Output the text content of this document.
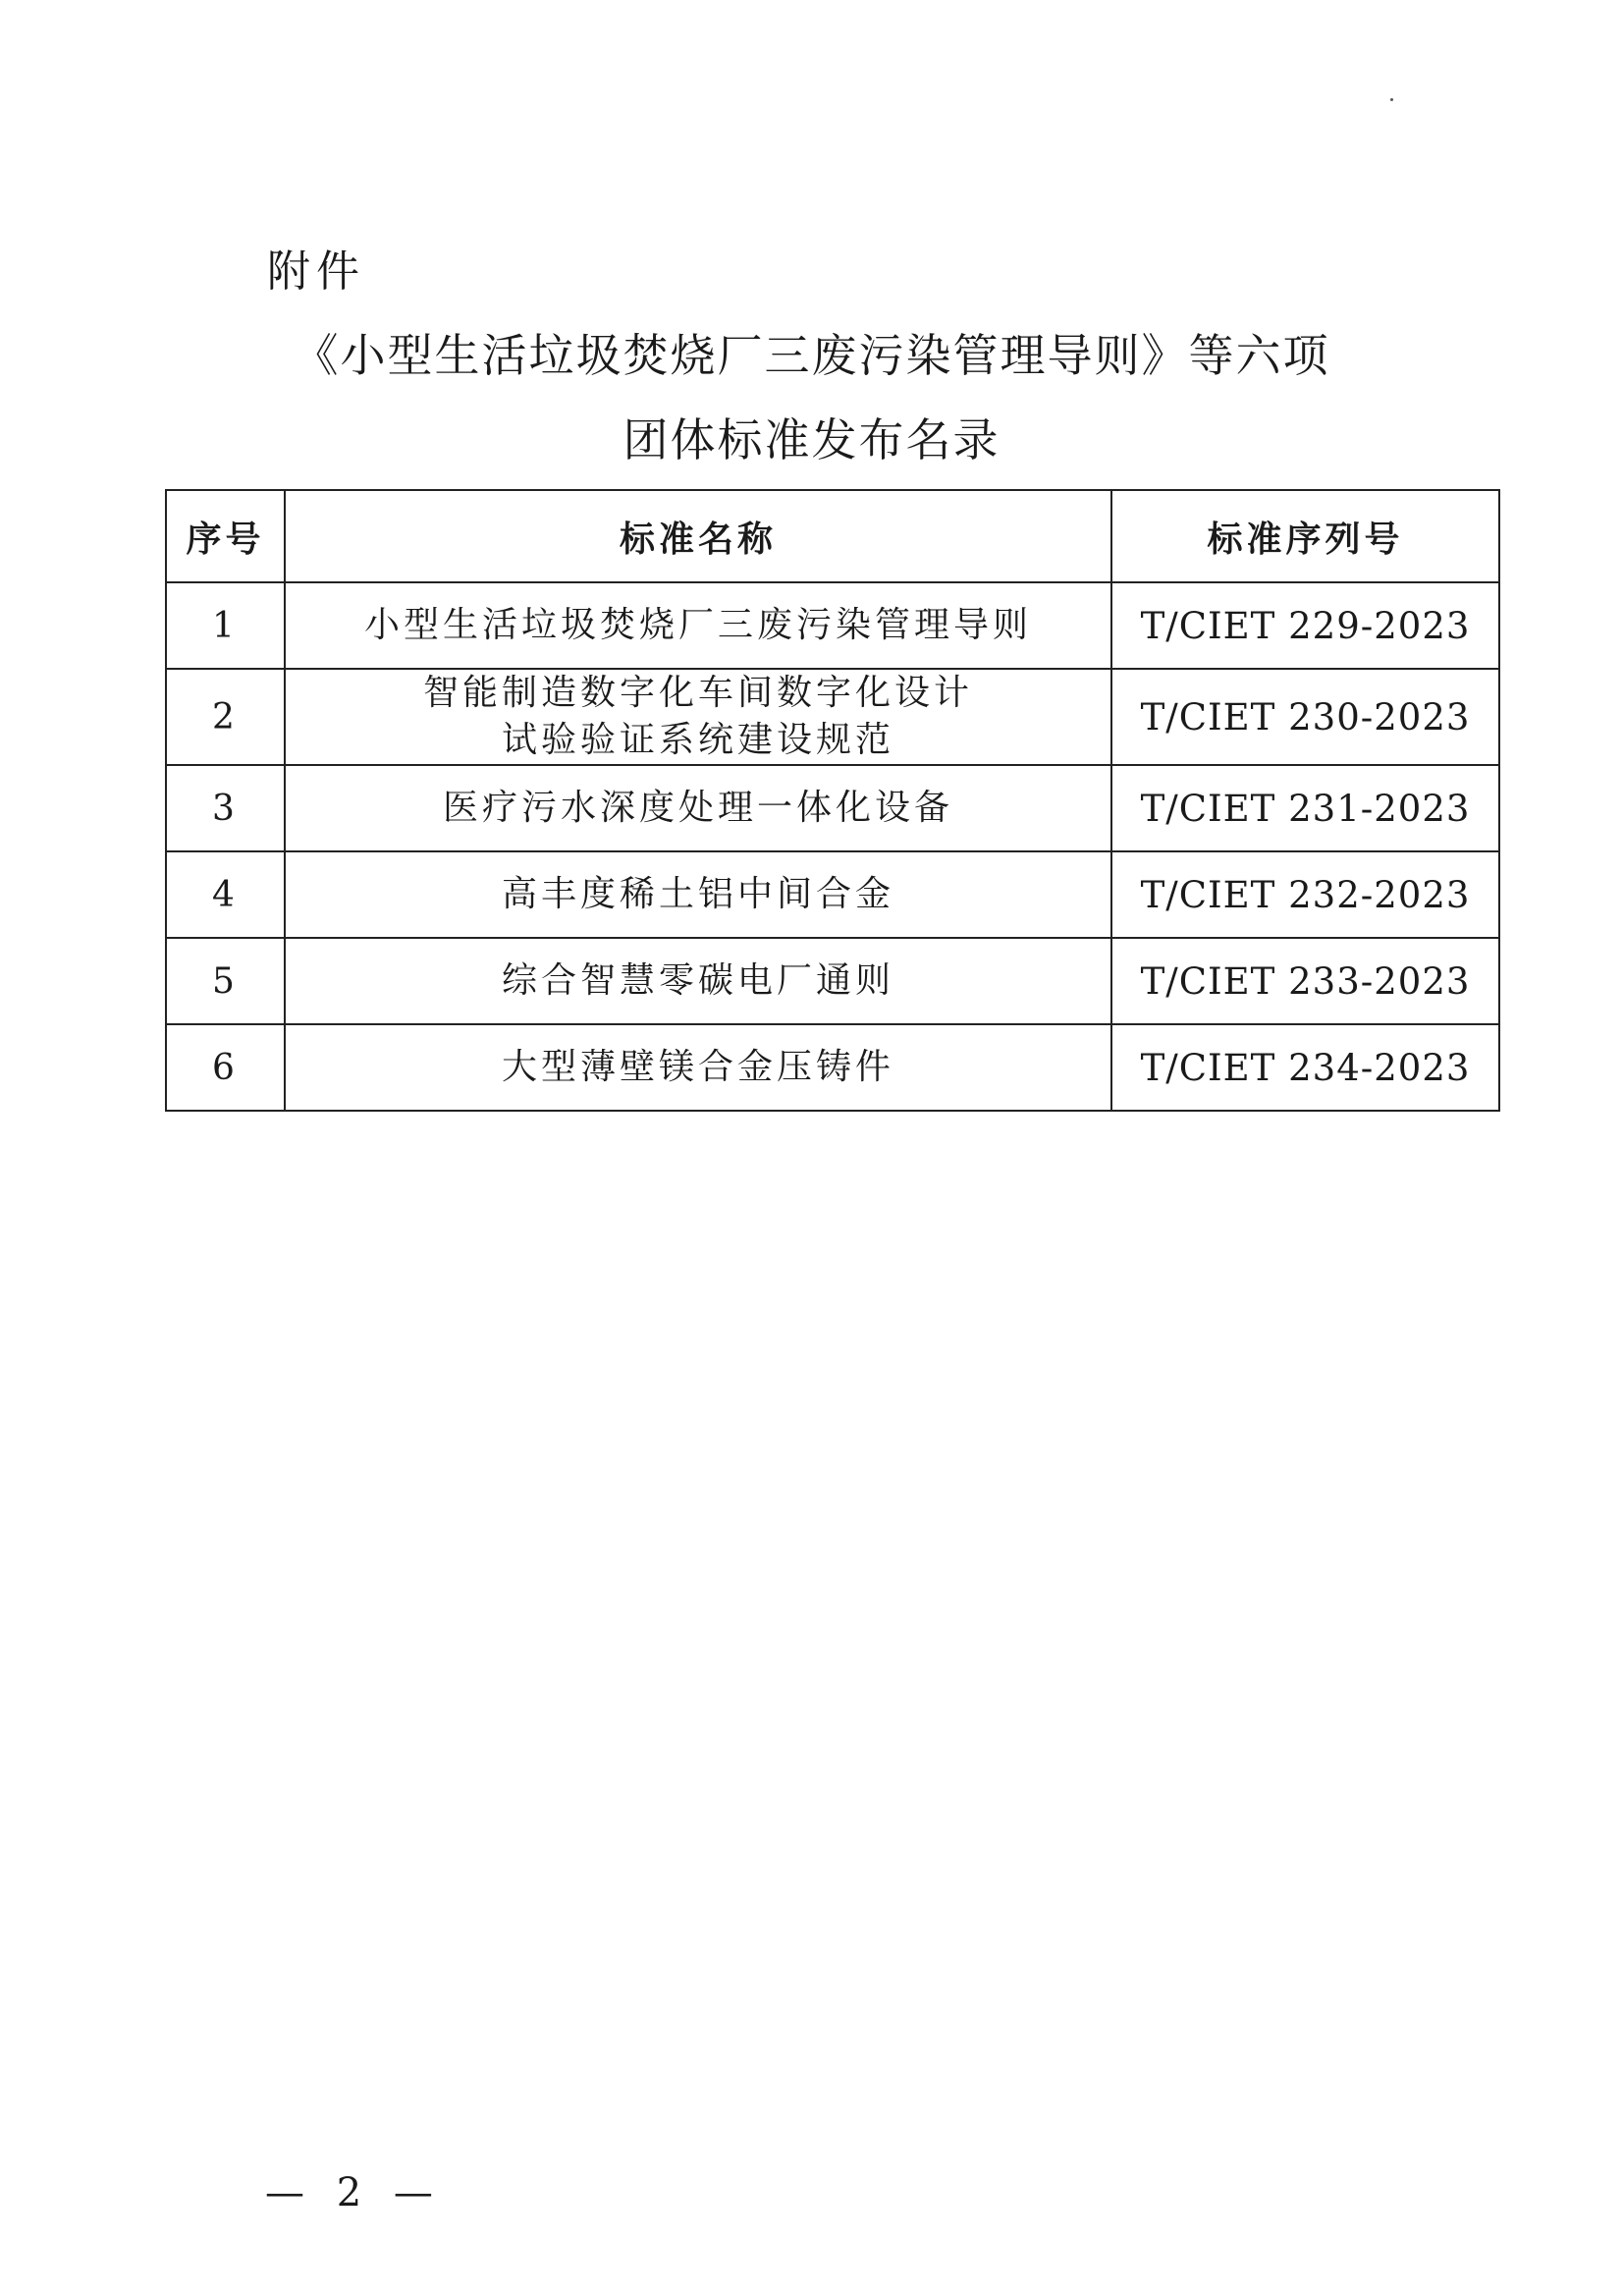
附件
《小型生活垃圾焚烧厂三废污染管理导则》等六项
团体标准发布名录
序号	标准名称	标准序列号
1	小型生活垃圾焚烧厂三废污染管理导则	T/CIET 229-2023
2	智能制造数字化车间数字化设计
试验验证系统建设规范	T/CIET 230-2023
3	医疗污水深度处理一体化设备	T/CIET 231-2023
4	高丰度稀土铝中间合金	T/CIET 232-2023
5	综合智慧零碳电厂通则	T/CIET 233-2023
6	大型薄壁镁合金压铸件	T/CIET 234-2023
— 2 —
